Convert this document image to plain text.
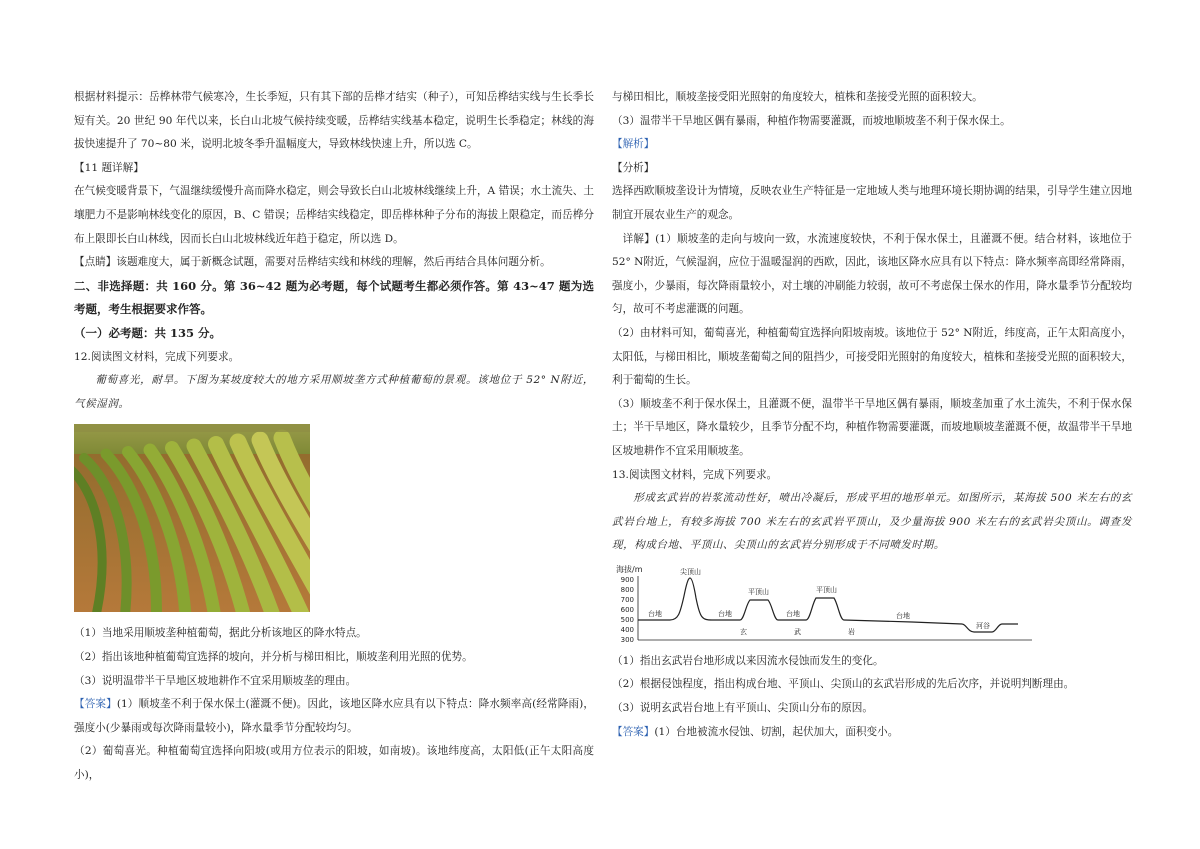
根据材料提示：岳桦林带气候寒冷，生长季短，只有其下部的岳桦才结实（种子），可知岳桦结实线与生长季长短有关。20 世纪 90 年代以来，长白山北坡气候持续变暖，岳桦结实线基本稳定，说明生长季稳定；林线的海拔快速提升了 70~80 米，说明北坡冬季升温幅度大，导致林线快速上升，所以选 C。

【11 题详解】

在气候变暖背景下，气温继续缓慢升高而降水稳定，则会导致长白山北坡林线继续上升，A 错误；水土流失、土壤肥力不是影响林线变化的原因，B、C 错误；岳桦结实线稳定，即岳桦林种子分布的海拔上限稳定，而岳桦分布上限即长白山林线，因而长白山北坡林线近年趋于稳定，所以选 D。

【点睛】该题难度大，属于新概念试题，需要对岳桦结实线和林线的理解，然后再结合具体问题分析。

二、非选择题：共 160 分。第 36~42 题为必考题，每个试题考生都必须作答。第 43~47 题为选考题，考生根据要求作答。

（一）必考题：共 135 分。

12.阅读图文材料，完成下列要求。

葡萄喜光，耐旱。下图为某坡度较大的地方采用顺坡垄方式种植葡萄的景观。该地位于 52° N附近，气候湿润。

（1）当地采用顺坡垄种植葡萄，据此分析该地区的降水特点。

（2）指出该地种植葡萄宜选择的坡向，并分析与梯田相比，顺坡垄利用光照的优势。

（3）说明温带半干旱地区坡地耕作不宜采用顺坡垄的理由。

【答案】(1）顺坡垄不利于保水保土(灌溉不便)。因此，该地区降水应具有以下特点：降水频率高(经常降雨)，强度小(少暴雨或每次降雨量较小)，降水量季节分配较均匀。

（2）葡萄喜光。种植葡萄宜选择向阳坡(或用方位表示的阳坡，如南坡)。该地纬度高，太阳低(正午太阳高度小)，

与梯田相比，顺坡垄接受阳光照射的角度较大，植株和垄接受光照的面积较大。

（3）温带半干旱地区偶有暴雨，种植作物需要灌溉，而坡地顺坡垄不利于保水保土。

【解析】

【分析】

选择西欧顺坡垄设计为情境，反映农业生产特征是一定地域人类与地理环境长期协调的结果，引导学生建立因地制宜开展农业生产的观念。

详解】(1）顺坡垄的走向与坡向一致，水流速度较快，不利于保水保土，且灌溉不便。结合材料，该地位于 52° N附近，气候湿润，应位于温暖湿润的西欧，因此，该地区降水应具有以下特点：降水频率高即经常降雨，强度小，少暴雨，每次降雨量较小，对土壤的冲刷能力较弱，故可不考虑保土保水的作用，降水量季节分配较均匀，故可不考虑灌溉的问题。

（2）由材料可知，葡萄喜光，种植葡萄宜选择向阳坡南坡。该地位于 52° N附近，纬度高，正午太阳高度小，太阳低，与梯田相比，顺坡垄葡萄之间的阻挡少，可接受阳光照射的角度较大，植株和垄接受光照的面积较大，利于葡萄的生长。

（3）顺坡垄不利于保水保土，且灌溉不便，温带半干旱地区偶有暴雨，顺坡垄加重了水土流失，不利于保水保土；半干旱地区，降水量较少，且季节分配不均，种植作物需要灌溉，而坡地顺坡垄灌溉不便，故温带半干旱地区坡地耕作不宜采用顺坡垄。

13.阅读图文材料，完成下列要求。

形成玄武岩的岩浆流动性好，喷出冷凝后，形成平坦的地形单元。如图所示，某海拔 500 米左右的玄武岩台地上，有较多海拔 700 米左右的玄武岩平顶山，及少量海拔 900 米左右的玄武岩尖顶山。调查发现，构成台地、平顶山、尖顶山的玄武岩分别形成于不同喷发时期。

海拔/m
900
800
700
600
500
400
300
台地
尖顶山
台地
平顶山
台地
平顶山
台地
河谷
玄	武	岩

（1）指出玄武岩台地形成以来因流水侵蚀而发生的变化。

（2）根据侵蚀程度，指出构成台地、平顶山、尖顶山的玄武岩形成的先后次序，并说明判断理由。

（3）说明玄武岩台地上有平顶山、尖顶山分布的原因。

【答案】(1）台地被流水侵蚀、切割，起伏加大，面积变小。
